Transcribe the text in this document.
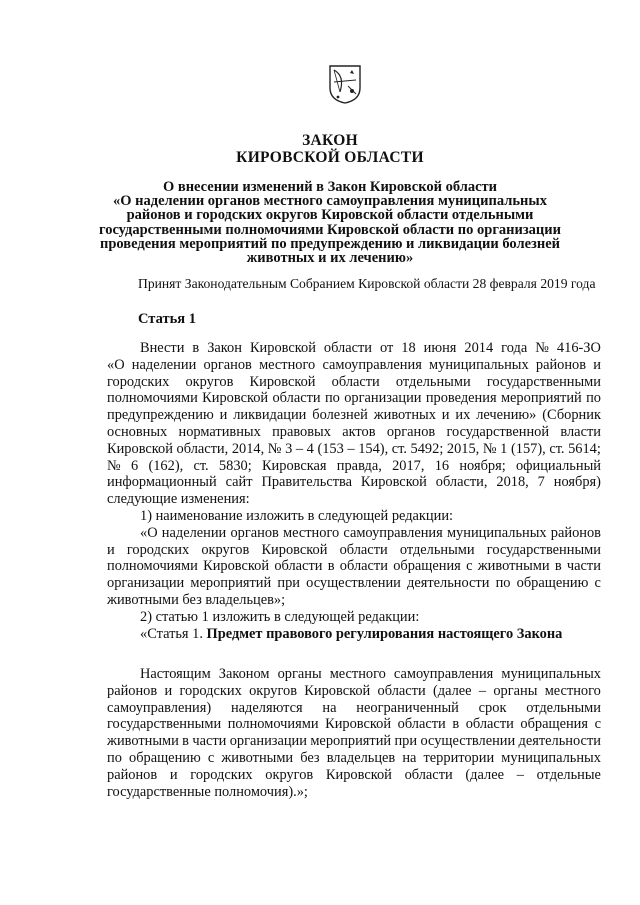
ЗАКОН
КИРОВСКОЙ ОБЛАСТИ
О внесении изменений в Закон Кировской области
«О наделении органов местного самоуправления муниципальных
районов и городских округов Кировской области отдельными
государственными полномочиями Кировской области по организации
проведения мероприятий по предупреждению и ликвидации болезней
животных и их лечению»
Принят Законодательным Собранием Кировской области 28 февраля 2019 года
Статья 1
Внести в Закон Кировской области от 18 июня 2014 года № 416-ЗО
«О наделении органов местного самоуправления муниципальных районов и
городских округов Кировской области отдельными государственными
полномочиями Кировской области по организации проведения мероприятий по
предупреждению и ликвидации болезней животных и их лечению» (Сборник
основных нормативных правовых актов органов государственной власти
Кировской области, 2014, № 3 – 4 (153 – 154), ст. 5492; 2015, № 1 (157), ст. 5614;
№ 6 (162), ст. 5830; Кировская правда, 2017, 16 ноября; официальный
информационный сайт Правительства Кировской области, 2018, 7 ноября)
следующие изменения:
1) наименование изложить в следующей редакции:
«О наделении органов местного самоуправления муниципальных районов
и городских округов Кировской области отдельными государственными
полномочиями Кировской области в области обращения с животными в части
организации мероприятий при осуществлении деятельности по обращению с
животными без владельцев»;
2) статью 1 изложить в следующей редакции:
«Статья 1. Предмет правового регулирования настоящего Закона
Настоящим Законом органы местного самоуправления муниципальных
районов и городских округов Кировской области (далее – органы местного
самоуправления) наделяются на неограниченный срок отдельными
государственными полномочиями Кировской области в области обращения с
животными в части организации мероприятий при осуществлении деятельности
по обращению с животными без владельцев на территории муниципальных
районов и городских округов Кировской области (далее – отдельные
государственные полномочия).»;
